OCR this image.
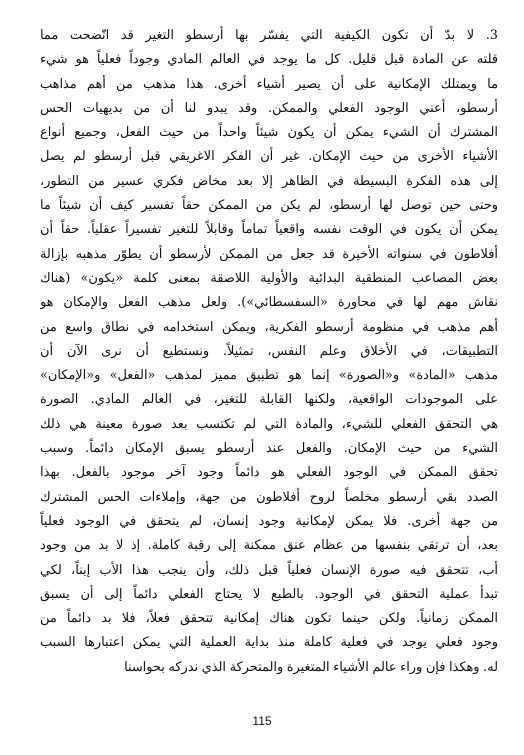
3. لا بدّ أن تكون الكيفية التي يفسّر بها أرسطو التغير قد اتّضحت مما
قلته عن المادة قبل قليل. كل ما يوجد في العالم المادي وجوداً فعلياً هو شيء
ما ويمتلك الإمكانية على أن يصير أشياء أخرى. هذا مذهب من أهم مذاهب
أرسطو، أعني الوجود الفعلي والممكن. وقد يبدو لنا أن من بديهيات الحس
المشترك أن الشيء يمكن أن يكون شيئاً واحداً من حيث الفعل، وجميع أنواع
الأشياء الأخرى من حيث الإمكان. غير أن الفكر الاغريقي قبل أرسطو لم يصل
إلى هذه الفكرة البسيطة في الظاهر إلا بعد مخاض فكري عسير من التطور،
وحتى حين توصل لها أرسطو، لم يكن من الممكن حقاً تفسير كيف أن شيئاً ما
يمكن أن يكون في الوقت نفسه واقعياً تماماً وقابلاً للتغير تفسيراً عقلياً. حقاً أن
أفلاطون في سنواته الأخيرة قد جعل من الممكن لأرسطو أن يطوّر مذهبه بإزالة
بعض المصاعب المنطقية البدائية والأولية اللاصقة بمعنى كلمة «يكون» (هناك
نقاش مهم لها في محاورة «السفسطائي»). ولعل مذهب الفعل والإمكان هو
أهم مذهب في منظومة أرسطو الفكرية، ويمكن استخدامه في نطاق واسع من
التطبيقات، في الأخلاق وعلم النفس، تمثيلاً. ونستطيع أن نرى الآن أن
مذهب «المادة» و«الصورة» إنما هو تطبيق مميز لمذهب «الفعل» و«الإمكان»
على الموجودات الواقعية، ولكنها القابلة للتغير، في العالم المادي. الصورة
هي التحقق الفعلي للشيء، والمادة التي لم تكتسب بعد صورة معينة هي ذلك
الشيء من حيث الإمكان. والفعل عند أرسطو يسبق الإمكان دائماً. وسبب
تحقق الممكن في الوجود الفعلي هو دائماً وجود آخر موجود بالفعل. بهذا
الصدد بقي أرسطو مخلصاً لروح أفلاطون من جهة، وإملاءات الحس المشترك
من جهة أخرى. فلا يمكن لإمكانية وجود إنسان، لم يتحقق في الوجود فعلياً
بعد، أن ترتقي بنفسها من عظام عنق ممكنة إلى رقبة كاملة. إذ لا بد من وجود
أب، تتحقق فيه صورة الإنسان فعلياً قبل ذلك، وأن ينجب هذا الأب إبناً، لكي
تبدأ عملية التحقق في الوجود. بالطبع لا يحتاج الفعلي دائماً إلى أن يسبق
الممكن زمانياً. ولكن حينما تكون هناك إمكانية تتحقق فعلاً، فلا بد دائماً من
وجود فعلي يوجد في فعلية كاملة منذ بداية العملية التي يمكن اعتبارها السبب
له. وهكذا فإن وراء عالم الأشياء المتغيرة والمتحركة الذي ندركه بحواسنا
115
